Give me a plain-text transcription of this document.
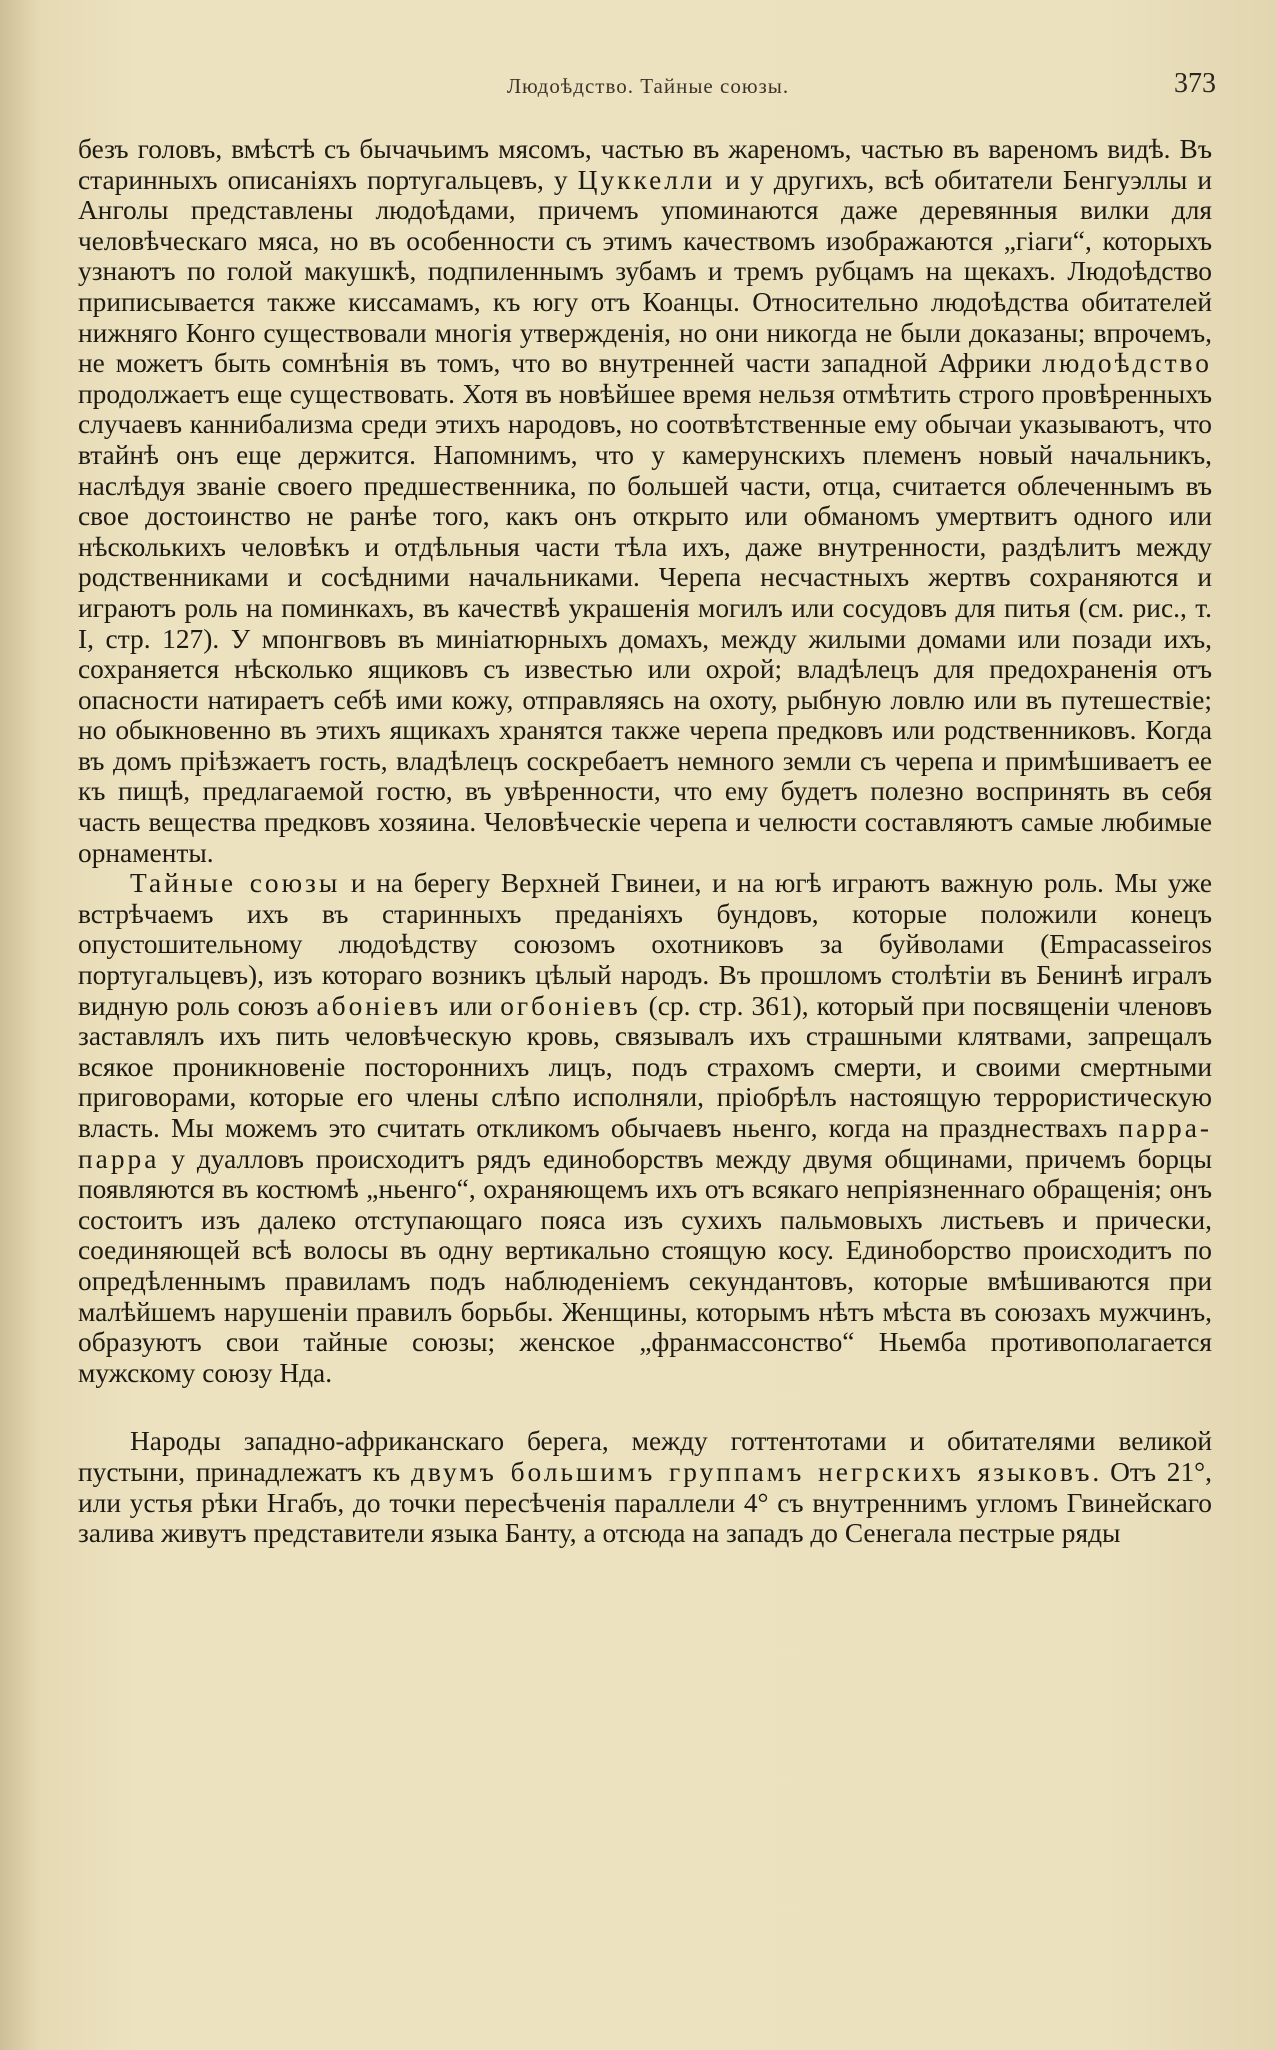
Людоѣдство. Тайные союзы.	373

безъ головъ, вмѣстѣ съ бычачьимъ мясомъ, частью въ жареномъ, частью въ вареномъ видѣ. Въ старинныхъ описаніяхъ португальцевъ, у Цуккелли и у другихъ, всѣ обитатели Бенгуэллы и Анголы представлены людоѣдами, причемъ упоминаются даже деревянныя вилки для человѣческаго мяса, но въ особенности съ этимъ качествомъ изображаются „гіаги“, которыхъ узнаютъ по голой макушкѣ, подпиленнымъ зубамъ и тремъ рубцамъ на щекахъ. Людоѣдство приписывается также киссамамъ, къ югу отъ Коанцы. Относительно людоѣдства обитателей нижняго Конго существовали многія утвержденія, но они никогда не были доказаны; впрочемъ, не можетъ быть сомнѣнія въ томъ, что во внутренней части западной Африки людоѣдство продолжаетъ еще существовать. Хотя въ новѣйшее время нельзя отмѣтить строго провѣренныхъ случаевъ каннибализма среди этихъ народовъ, но соотвѣтственные ему обычаи указываютъ, что втайнѣ онъ еще держится. Напомнимъ, что у камерунскихъ племенъ новый начальникъ, наслѣдуя званіе своего предшественника, по большей части, отца, считается облеченнымъ въ свое достоинство не ранѣе того, какъ онъ открыто или обманомъ умертвитъ одного или нѣсколькихъ человѣкъ и отдѣльныя части тѣла ихъ, даже внутренности, раздѣлитъ между родственниками и сосѣдними начальниками. Черепа несчастныхъ жертвъ сохраняются и играютъ роль на поминкахъ, въ качествѣ украшенія могилъ или сосудовъ для питья (см. рис., т. I, стр. 127). У мпонгвовъ въ миніатюрныхъ домахъ, между жилыми домами или позади ихъ, сохраняется нѣсколько ящиковъ съ известью или охрой; владѣлецъ для предохраненія отъ опасности натираетъ себѣ ими кожу, отправляясь на охоту, рыбную ловлю или въ путешествіе; но обыкновенно въ этихъ ящикахъ хранятся также черепа предковъ или родственниковъ. Когда въ домъ пріѣзжаетъ гость, владѣлецъ соскребаетъ немного земли съ черепа и примѣшиваетъ ее къ пищѣ, предлагаемой гостю, въ увѣренности, что ему будетъ полезно воспринять въ себя часть вещества предковъ хозяина. Человѣческіе черепа и челюсти составляютъ самые любимые орнаменты.

Тайные союзы и на берегу Верхней Гвинеи, и на югѣ играютъ важную роль. Мы уже встрѣчаемъ ихъ въ старинныхъ преданіяхъ бундовъ, которые положили конецъ опустошительному людоѣдству союзомъ охотниковъ за буйволами (Empacasseiros португальцевъ), изъ котораго возникъ цѣлый народъ. Въ прошломъ столѣтіи въ Бенинѣ игралъ видную роль союзъ абоніевъ или огбоніевъ (ср. стр. 361), который при посвященіи членовъ заставлялъ ихъ пить человѣческую кровь, связывалъ ихъ страшными клятвами, запрещалъ всякое проникновеніе постороннихъ лицъ, подъ страхомъ смерти, и своими смертными приговорами, которые его члены слѣпо исполняли, пріобрѣлъ настоящую террористическую власть. Мы можемъ это считать откликомъ обычаевъ ньенго, когда на празднествахъ парра-парра у дуалловъ происходитъ рядъ единоборствъ между двумя общинами, причемъ борцы появляются въ костюмѣ „ньенго“, охраняющемъ ихъ отъ всякаго непріязненнаго обращенія; онъ состоитъ изъ далеко отступающаго пояса изъ сухихъ пальмовыхъ листьевъ и прически, соединяющей всѣ волосы въ одну вертикально стоящую косу. Единоборство происходитъ по опредѣленнымъ правиламъ подъ наблюденіемъ секундантовъ, которые вмѣшиваются при малѣйшемъ нарушеніи правилъ борьбы. Женщины, которымъ нѣтъ мѣста въ союзахъ мужчинъ, образуютъ свои тайные союзы; женское „франмассонство“ Ньемба противополагается мужскому союзу Нда.

Народы западно-африканскаго берега, между готтентотами и обитателями великой пустыни, принадлежатъ къ двумъ большимъ группамъ негрскихъ языковъ. Отъ 21°, или устья рѣки Нгабъ, до точки пересѣченія параллели 4° съ внутреннимъ угломъ Гвинейскаго залива живутъ представители языка Банту, а отсюда на западъ до Сенегала пестрые ряды
